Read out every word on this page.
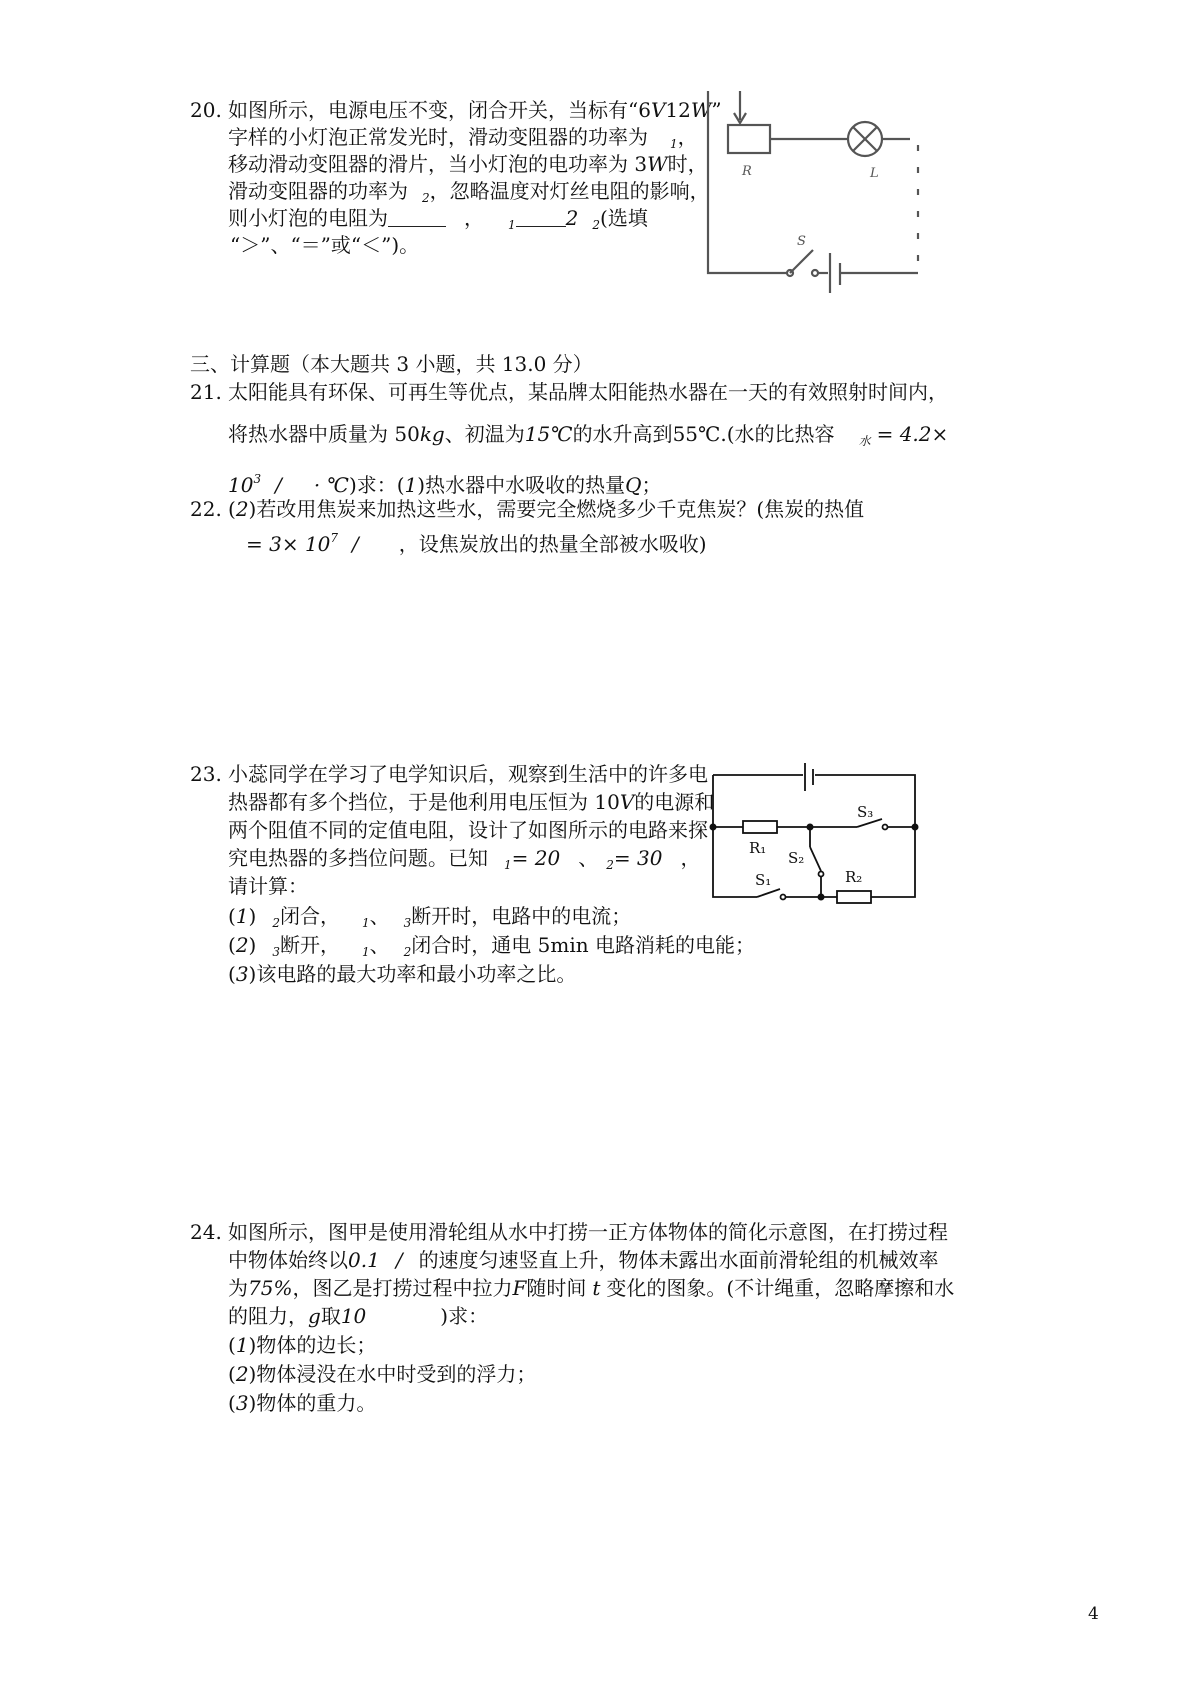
20. 如图所示，电源电压不变，闭合开关，当标有“6V12W”
字样的小灯泡正常发光时，滑动变阻器的功率为 $_1$，
移动滑动变阻器的滑片，当小灯泡的电功率为 3W时，
滑动变阻器的功率为 $_2$，忽略温度对灯丝电阻的影响，
则小灯泡的电阻为	， $_1$	2 $_2$(选填
“＞”、“＝”或“＜”)。
R	L
S
三、计算题（本大题共 3 小题，共 13.0 分）
21. 太阳能具有环保、可再生等优点，某品牌太阳能热水器在一天的有效照射时间内，
将热水器中质量为 50kg、初温为15℃的水升高到55℃.(水的比热容 $_水$ = 4.2×
$10^3$ / · ℃)求：(1)热水器中水吸收的热量Q；
22. (2)若改用焦炭来加热这些水，需要完全燃烧多少千克焦炭？(焦炭的热值
= $3\times 10^7$ / ，设焦炭放出的热量全部被水吸收)
23. 小蕊同学在学习了电学知识后，观察到生活中的许多电
热器都有多个挡位，于是他利用电压恒为 10V的电源和
两个阻值不同的定值电阻，设计了如图所示的电路来探
究电热器的多挡位问题。已知 $_1$= 20 、 $_2$= 30 ，
请计算：
(1) $_2$闭合， $_1$、 $_3$断开时，电路中的电流；
(2) $_3$断开， $_1$、 $_2$闭合时，通电 5min 电路消耗的电能；
(3)该电路的最大功率和最小功率之比。
R₁
S₂
S₃
S₁	R₂
24. 如图所示，图甲是使用滑轮组从水中打捞一正方体物体的简化示意图，在打捞过程
中物体始终以0.1 / 的速度匀速竖直上升，物体未露出水面前滑轮组的机械效率
为75%，图乙是打捞过程中拉力F随时间 t 变化的图象。(不计绳重，忽略摩擦和水
的阻力，g取10	)求：
(1)物体的边长；
(2)物体浸没在水中时受到的浮力；
(3)物体的重力。
4
